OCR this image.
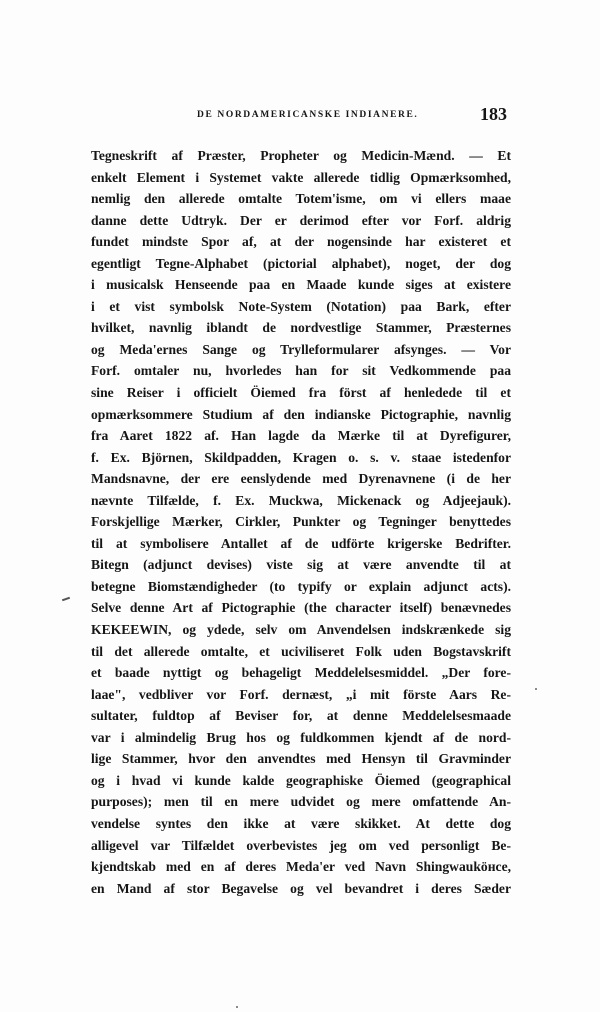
DE NORDAMERICANSKE INDIANERE.	183
Tegneskrift af Præster, Propheter og Medicin-Mænd. — Et
enkelt Element i Systemet vakte allerede tidlig Opmærksomhed,
nemlig den allerede omtalte Totem'isme, om vi ellers maae
danne dette Udtryk. Der er derimod efter vor Forf. aldrig
fundet mindste Spor af, at der nogensinde har existeret et
egentligt Tegne-Alphabet (pictorial alphabet), noget, der dog
i musicalsk Henseende paa en Maade kunde siges at existere
i et vist symbolsk Note-System (Notation) paa Bark, efter
hvilket, navnlig iblandt de nordvestlige Stammer, Præsternes
og Meda'ernes Sange og Trylleformularer afsynges. — Vor
Forf. omtaler nu, hvorledes han for sit Vedkommende paa
sine Reiser i officielt Öiemed fra först af henledede til et
opmærksommere Studium af den indianske Pictographie, navnlig
fra Aaret 1822 af. Han lagde da Mærke til at Dyrefigurer,
f. Ex. Björnen, Skildpadden, Kragen o. s. v. staae istedenfor
Mandsnavne, der ere eenslydende med Dyrenavnene (i de her
nævnte Tilfælde, f. Ex. Muckwa, Mickenack og Adjeejauk).
Forskjellige Mærker, Cirkler, Punkter og Tegninger benyttedes
til at symbolisere Antallet af de udförte krigerske Bedrifter.
Bitegn (adjunct devises) viste sig at være anvendte til at
betegne Biomstændigheder (to typify or explain adjunct acts).
Selve denne Art af Pictographie (the character itself) benævnedes
KEKEEWIN, og ydede, selv om Anvendelsen indskrænkede sig
til det allerede omtalte, et uciviliseret Folk uden Bogstavskrift
et baade nyttigt og behageligt Meddelelsesmiddel. „Der fore-
laae", vedbliver vor Forf. dernæst, „i mit förste Aars Re-
sultater, fuldtop af Beviser for, at denne Meddelelsesmaade
var i almindelig Brug hos og fuldkommen kjendt af de nord-
lige Stammer, hvor den anvendtes med Hensyn til Gravminder
og i hvad vi kunde kalde geographiske Öiemed (geographical
purposes); men til en mere udvidet og mere omfattende An-
vendelse syntes den ikke at være skikket. At dette dog
alligevel var Tilfældet overbevistes jeg om ved personligt Be-
kjendtskab med en af deres Meda'er ved Navn Shingwauköнce,
en Mand af stor Begavelse og vel bevandret i deres Sæder
